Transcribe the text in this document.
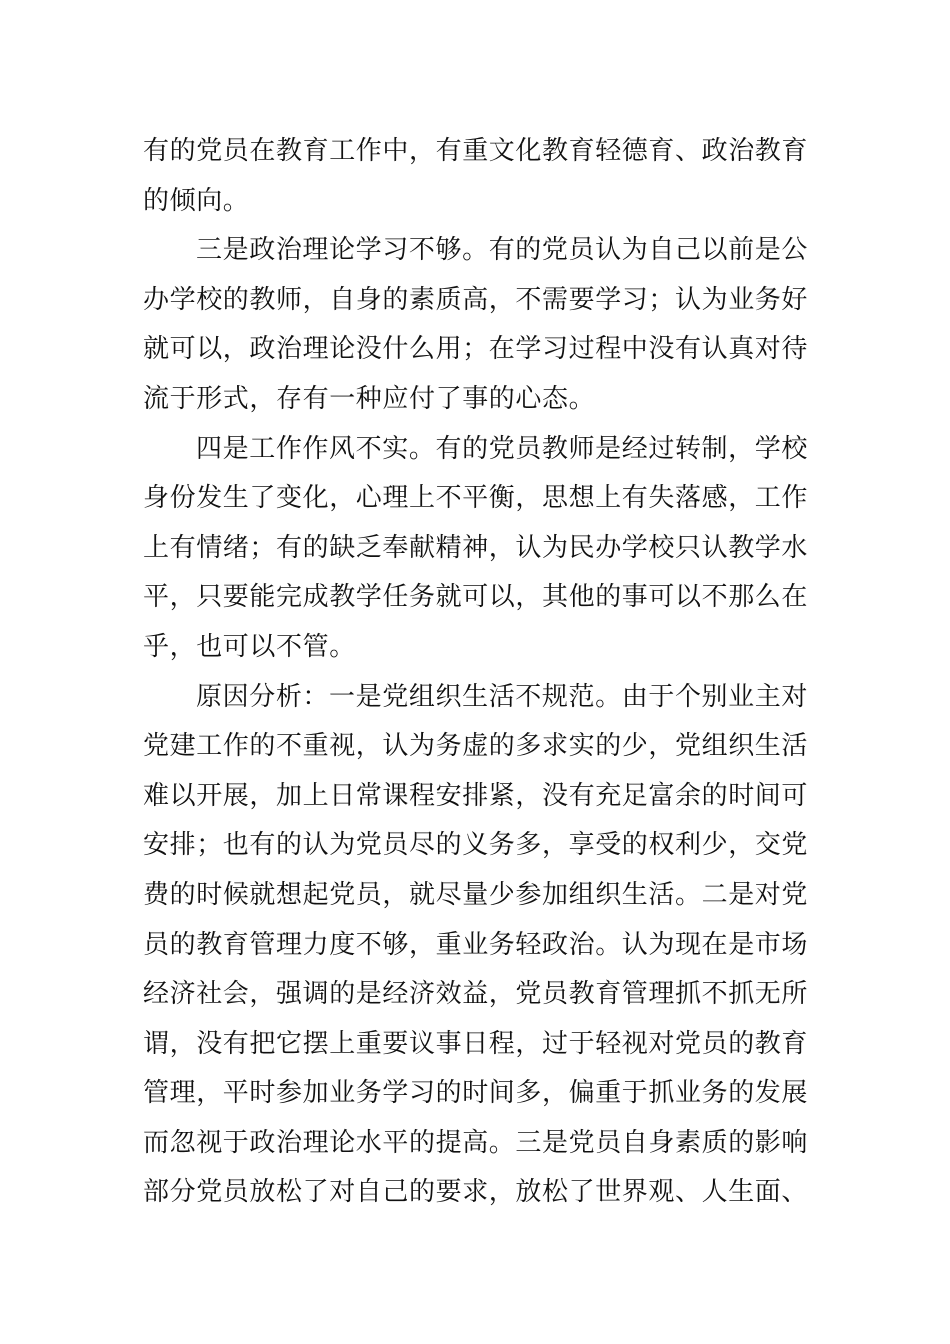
有的党员在教育工作中，有重文化教育轻德育、政治教育的倾向。

三是政治理论学习不够。有的党员认为自己以前是公办学校的教师，自身的素质高，不需要学习；认为业务好就可以，政治理论没什么用；在学习过程中没有认真对待流于形式，存有一种应付了事的心态。

四是工作作风不实。有的党员教师是经过转制，学校身份发生了变化，心理上不平衡，思想上有失落感，工作上有情绪；有的缺乏奉献精神，认为民办学校只认教学水平，只要能完成教学任务就可以，其他的事可以不那么在乎，也可以不管。

原因分析：一是党组织生活不规范。由于个别业主对党建工作的不重视，认为务虚的多求实的少，党组织生活难以开展，加上日常课程安排紧，没有充足富余的时间可安排；也有的认为党员尽的义务多，享受的权利少，交党费的时候就想起党员，就尽量少参加组织生活。二是对党员的教育管理力度不够，重业务轻政治。认为现在是市场经济社会，强调的是经济效益，党员教育管理抓不抓无所谓，没有把它摆上重要议事日程，过于轻视对党员的教育管理，平时参加业务学习的时间多，偏重于抓业务的发展而忽视于政治理论水平的提高。三是党员自身素质的影响部分党员放松了对自己的要求，放松了世界观、人生面、
